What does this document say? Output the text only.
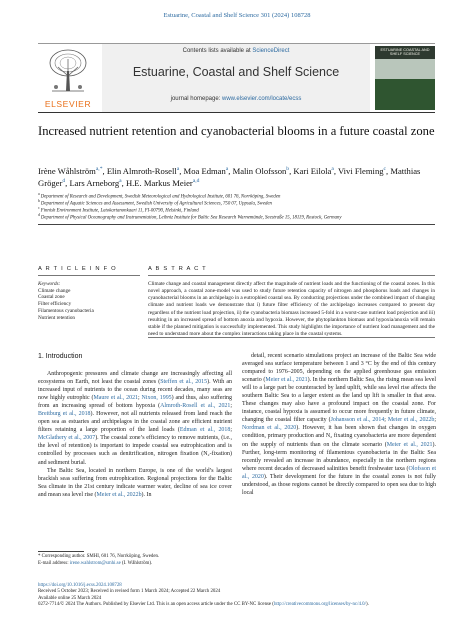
Estuarine, Coastal and Shelf Science 301 (2024) 108728
ELSEVIER
Contents lists available at ScienceDirect
Estuarine, Coastal and Shelf Science
journal homepage: www.elsevier.com/locate/ecss
ESTUARINE COASTAL AND SHELF SCIENCE
Increased nutrient retention and cyanobacterial blooms in a future coastal zone
Irène Wåhlström$^{a,*}$, Elin Almroth-Rosell$^a$, Moa Edman$^a$, Malin Olofsson$^b$, Kari Eilola$^a$, Vivi Fleming$^c$, Matthias Gröger$^d$, Lars Arneborg$^a$, H.E. Markus Meier$^{a,d}$
$^a$Department of Research and Development, Swedish Meteorological and Hydrological Institute, 601 76, Norrköping, Sweden
$^b$Department of Aquatic Sciences and Assessment, Swedish University of Agricultural Sciences, 750 07, Uppsala, Sweden
$^c$Finnish Environment Institute, Latokartanonkaari 11, FI-00790, Helsinki, Finland
$^d$Department of Physical Oceanography and Instrumentation, Leibniz Institute for Baltic Sea Research Warnemünde, Seestraße 15, 18119, Rostock, Germany
A R T I C L E I N F O	A B S T R A C T
Keywords:
Climate change
Coastal zone
Filter efficiency
Filamentous cyanobacteria
Nutrient retention
Climate change and coastal management directly affect the magnitude of nutrient loads and the functioning of the coastal zones. In this novel approach, a coastal zone-model was used to study future retention capacity of nitrogen and phosphorus loads and changes in cyanobacterial blooms in an archipelago in a eutrophied coastal sea. By conducting projections under the combined impact of changing climate and nutrient loads we demonstrate that i) future filter efficiency of the archipelago increases compared to present day regardless of the nutrient load projection, ii) the cyanobacteria biomass increased 5-fold in a worst-case nutrient load projection and iii) resulting in an increased spread of bottom anoxia and hypoxia. However, the phytoplankton biomass and hypoxia/anoxia will remain stable if the planned mitigation is successfully implemented. This study highlights the importance of nutrient load management and the need to understand more about the complex interactions taking place in the coastal systems.
1. Introduction

Anthropogenic pressures and climate change are increasingly affecting all ecosystems on Earth, not least the coastal zones (Steffen et al., 2015). With an increased input of nutrients to the ocean during recent decades, many seas are now highly eutrophic (Maure et al., 2021; Nixon, 1995) and thus, also suffering from an increasing spread of bottom hypoxia (Almroth-Rosell et al., 2021; Breitburg et al., 2018). However, not all nutrients released from land reach the open sea as estuaries and archipelagos in the coastal zone are efficient nutrient filters retaining a large proportion of the land loads (Edman et al., 2018; McGlathery et al., 2007). The coastal zone’s efficiency to remove nutrients, (i.e., the level of retention) is important to impede coastal sea eutrophication and is controlled by processes such as denitrification, nitrogen fixation (N₂-fixation) and sediment burial.

The Baltic Sea, located in northern Europe, is one of the world’s largest brackish seas suffering from eutrophication. Regional projections for the Baltic Sea climate in the 21st century indicate warmer water, decline of sea ice cover and mean sea level rise (Meier et al., 2022b). In

detail, recent scenario simulations project an increase of the Baltic Sea wide averaged sea surface temperature between 1 and 3 °C by the end of this century compared to 1976–2005, depending on the applied greenhouse gas emission scenario (Meier et al., 2021). In the northern Baltic Sea, the rising mean sea level will to a large part be counteracted by land uplift, while sea level rise affects the southern Baltic Sea to a larger extent as the land up lift is smaller in that area. These changes may also have a profound impact on the coastal zone. For instance, coastal hypoxia is assumed to occur more frequently in future climate, changing the coastal filter capacity (Johansson et al., 2014; Meier et al., 2022b; Nordman et al., 2020). However, it has been shown that changes in oxygen condition, primary production and N₂ fixating cyanobacteria are more dependent on the supply of nutrients than on the climate scenario (Meier et al., 2021). Further, long-term monitoring of filamentous cyanobacteria in the Baltic Sea recently revealed an increase in abundance, especially in the northern regions where recent decades of decreased salinities benefit freshwater taxa (Olofsson et al., 2020). Their development for the future in the coastal zones is not fully understood, as those regions cannot be directly compared to open sea due to high local

* Corresponding author. SMHI, 601 76, Norrköping, Sweden.
E-mail address: irene.wahlstrom@smhi.se (I. Wåhlström).
https://doi.org/10.1016/j.ecss.2024.108728
Received 5 October 2023; Received in revised form 1 March 2024; Accepted 22 March 2024
Available online 25 March 2024
0272-7714/© 2024 The Authors. Published by Elsevier Ltd. This is an open access article under the CC BY-NC license (http://creativecommons.org/licenses/by-nc/4.0/).
